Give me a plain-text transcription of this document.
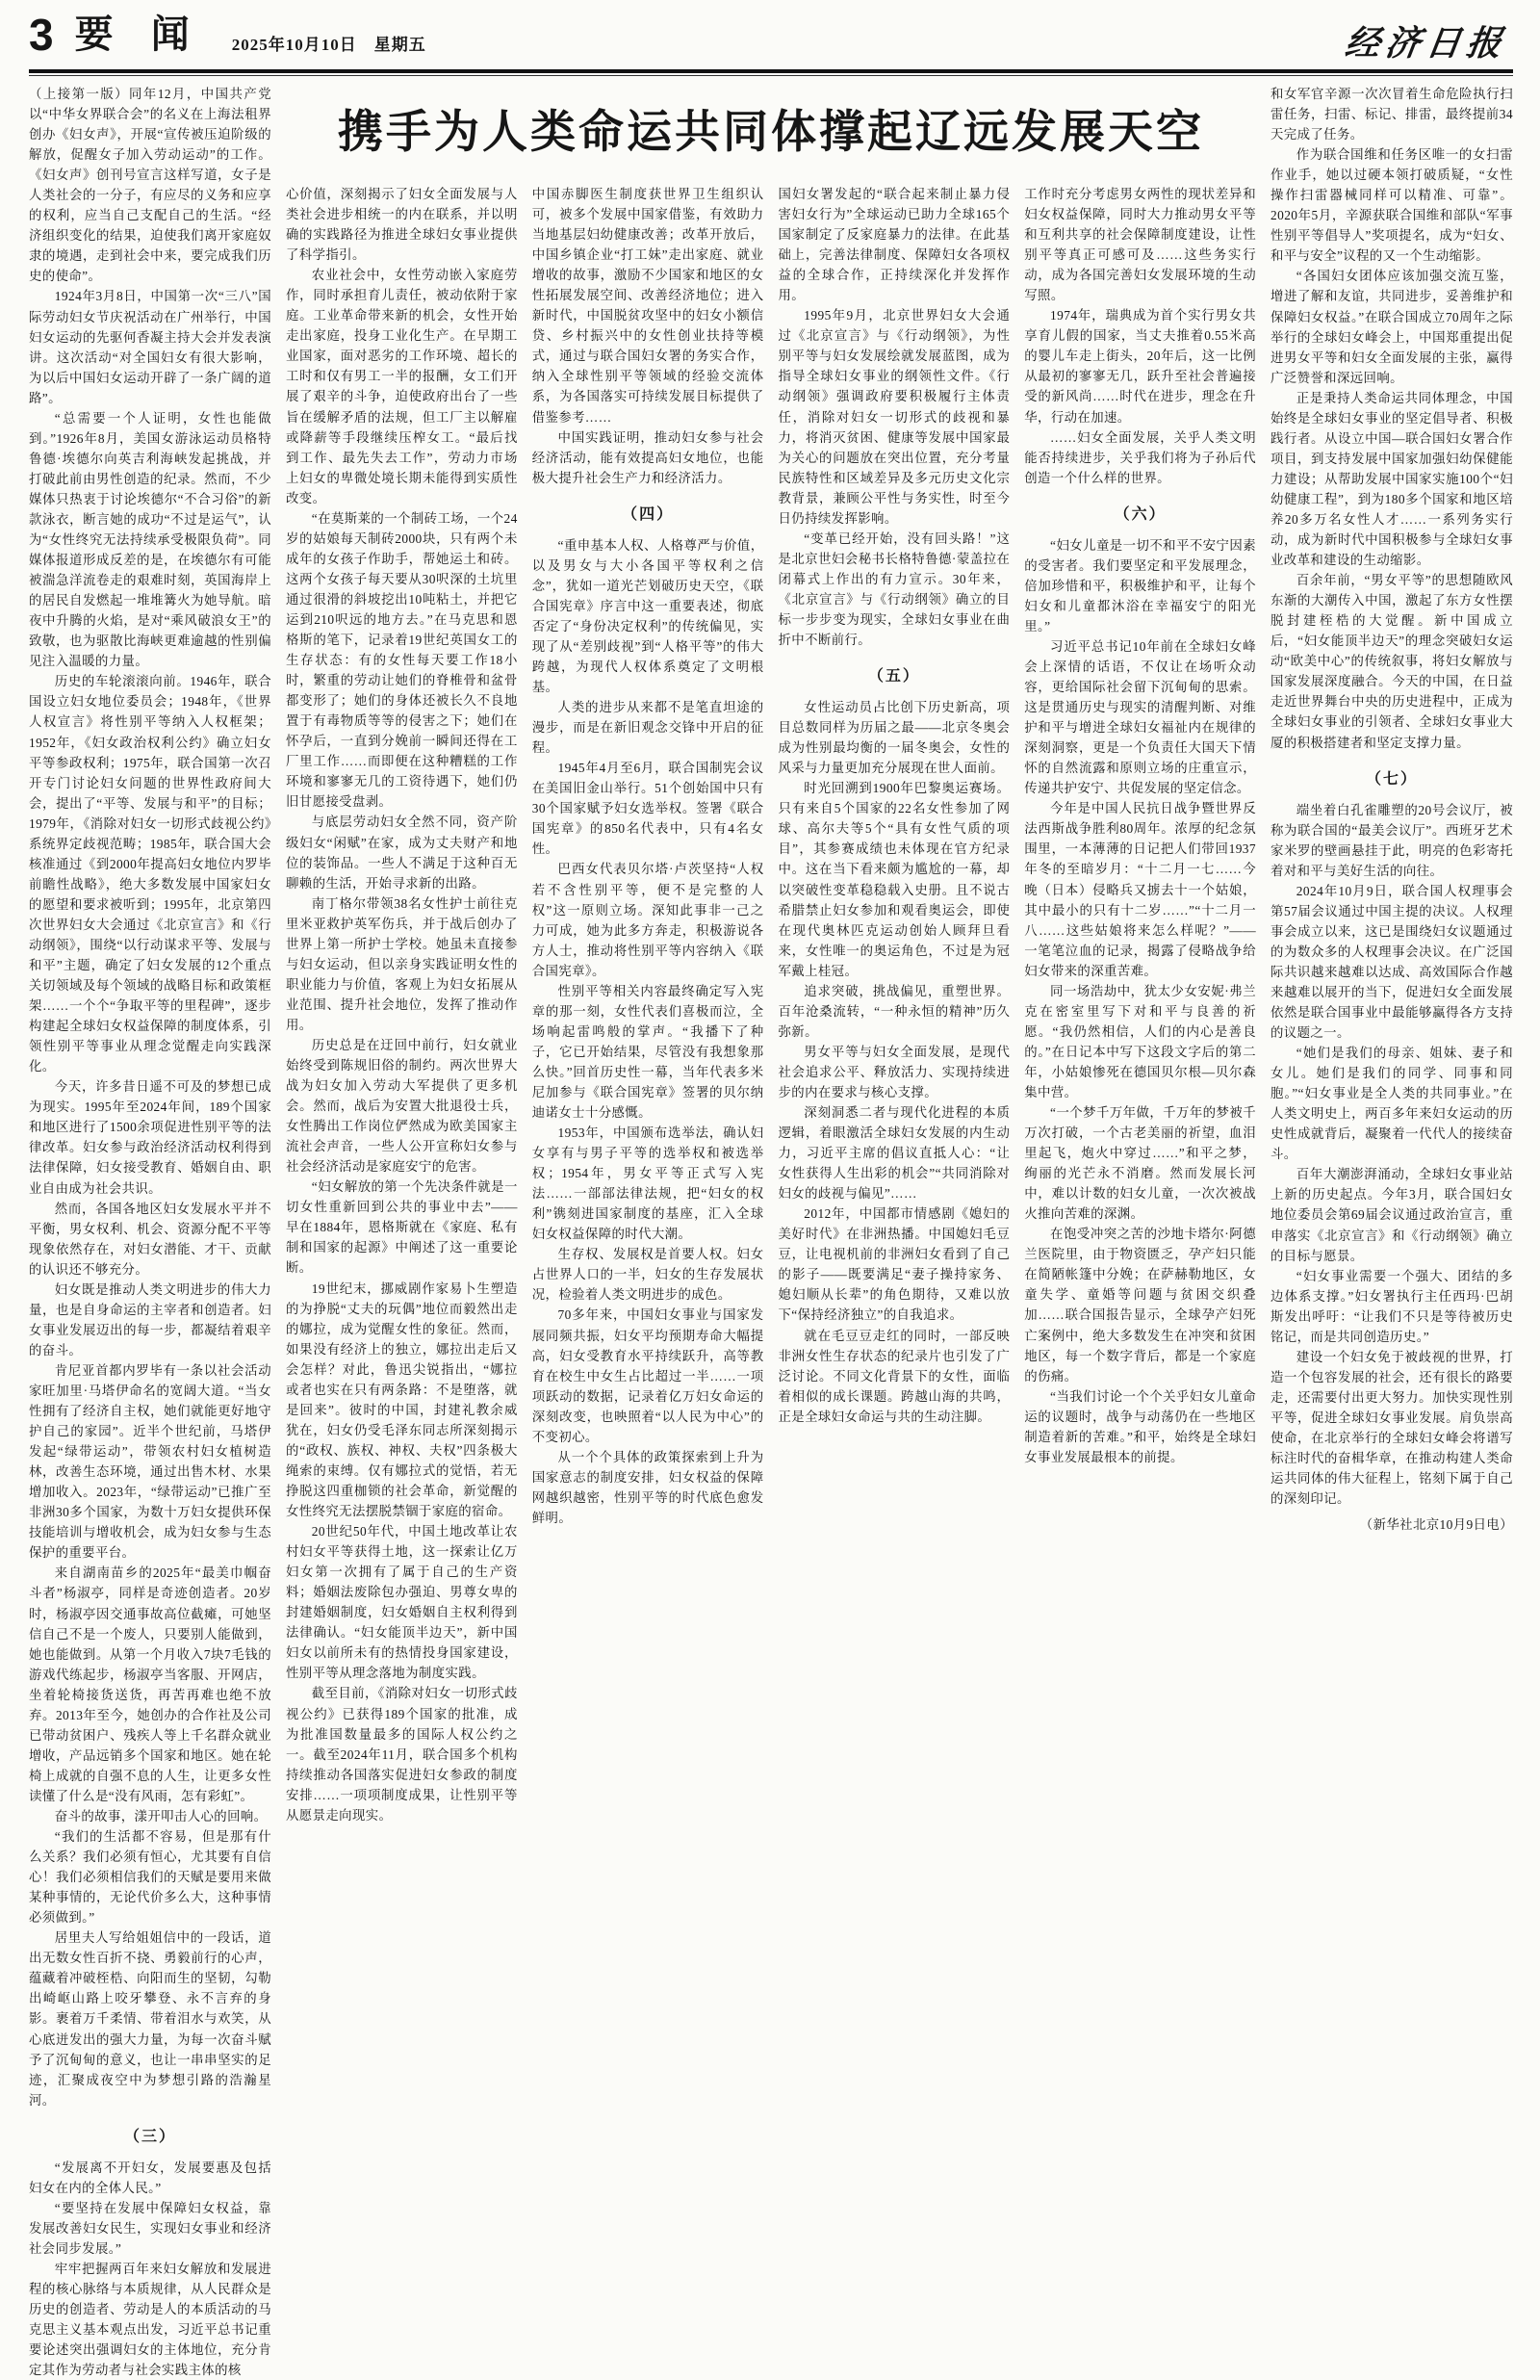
3 要 闻 2025年10月10日　星期五	经济日报

（上接第一版）同年12月，中国共产党以“中华女界联合会”的名义在上海法租界创办《妇女声》，开展“宣传被压迫阶级的解放，促醒女子加入劳动运动”的工作。《妇女声》创刊号宣言这样写道，女子是人类社会的一分子，有应尽的义务和应享的权利，应当自己支配自己的生活。“经济组织变化的结果，迫使我们离开家庭奴隶的境遇，走到社会中来，要完成我们历史的使命”。

1924年3月8日，中国第一次“三八”国际劳动妇女节庆祝活动在广州举行，中国妇女运动的先驱何香凝主持大会并发表演讲。这次活动“对全国妇女有很大影响，为以后中国妇女运动开辟了一条广阔的道路”。

“总需要一个人证明，女性也能做到。”1926年8月，美国女游泳运动员格特鲁德·埃德尔向英吉利海峡发起挑战，并打破此前由男性创造的纪录。然而，不少媒体只热衷于讨论埃德尔“不合习俗”的新款泳衣，断言她的成功“不过是运气”，认为“女性终究无法持续承受极限负荷”。同媒体报道形成反差的是，在埃德尔有可能被湍急洋流卷走的艰难时刻，英国海岸上的居民自发燃起一堆堆篝火为她导航。暗夜中升腾的火焰，是对“乘风破浪女王”的致敬，也为驱散比海峡更难逾越的性别偏见注入温暖的力量。

历史的车轮滚滚向前。1946年，联合国设立妇女地位委员会；1948年，《世界人权宣言》将性别平等纳入人权框架；1952年，《妇女政治权利公约》确立妇女平等参政权利；1975年，联合国第一次召开专门讨论妇女问题的世界性政府间大会，提出了“平等、发展与和平”的目标；1979年，《消除对妇女一切形式歧视公约》系统界定歧视范畴；1985年，联合国大会核准通过《到2000年提高妇女地位内罗毕前瞻性战略》，绝大多数发展中国家妇女的愿望和要求被听到；1995年，北京第四次世界妇女大会通过《北京宣言》和《行动纲领》，围绕“以行动谋求平等、发展与和平”主题，确定了妇女发展的12个重点关切领域及每个领域的战略目标和政策框架……一个个“争取平等的里程碑”，逐步构建起全球妇女权益保障的制度体系，引领性别平等事业从理念觉醒走向实践深化。

今天，许多昔日遥不可及的梦想已成为现实。1995年至2024年间，189个国家和地区进行了1500余项促进性别平等的法律改革。妇女参与政治经济活动权利得到法律保障，妇女接受教育、婚姻自由、职业自由成为社会共识。

然而，各国各地区妇女发展水平并不平衡，男女权利、机会、资源分配不平等现象依然存在，对妇女潜能、才干、贡献的认识还不够充分。

妇女既是推动人类文明进步的伟大力量，也是自身命运的主宰者和创造者。妇女事业发展迈出的每一步，都凝结着艰辛的奋斗。

肯尼亚首都内罗毕有一条以社会活动家旺加里·马塔伊命名的宽阔大道。“当女性拥有了经济自主权，她们就能更好地守护自己的家园”。近半个世纪前，马塔伊发起“绿带运动”，带领农村妇女植树造林，改善生态环境，通过出售木材、水果增加收入。2023年，“绿带运动”已推广至非洲30多个国家，为数十万妇女提供环保技能培训与增收机会，成为妇女参与生态保护的重要平台。

来自湖南苗乡的2025年“最美巾帼奋斗者”杨淑亭，同样是奇迹创造者。20岁时，杨淑亭因交通事故高位截瘫，可她坚信自己不是一个废人，只要别人能做到，她也能做到。从第一个月收入7块7毛钱的游戏代练起步，杨淑亭当客服、开网店，坐着轮椅接货送货，再苦再难也绝不放弃。2013年至今，她创办的合作社及公司已带动贫困户、残疾人等上千名群众就业增收，产品远销多个国家和地区。她在轮椅上成就的自强不息的人生，让更多女性读懂了什么是“没有风雨，怎有彩虹”。

奋斗的故事，漾开叩击人心的回响。

“我们的生活都不容易，但是那有什么关系？我们必须有恒心，尤其要有自信心！我们必须相信我们的天赋是要用来做某种事情的，无论代价多么大，这种事情必须做到。”

居里夫人写给姐姐信中的一段话，道出无数女性百折不挠、勇毅前行的心声，蕴藏着冲破桎梏、向阳而生的坚韧，勾勒出崎岖山路上咬牙攀登、永不言弃的身影。裹着万千柔情、带着泪水与欢笑，从心底迸发出的强大力量，为每一次奋斗赋予了沉甸甸的意义，也让一串串坚实的足迹，汇聚成夜空中为梦想引路的浩瀚星河。

（三）

“发展离不开妇女，发展要惠及包括妇女在内的全体人民。”

“要坚持在发展中保障妇女权益，靠发展改善妇女民生，实现妇女事业和经济社会同步发展。”

牢牢把握两百年来妇女解放和发展进程的核心脉络与本质规律，从人民群众是历史的创造者、劳动是人的本质活动的马克思主义基本观点出发，习近平总书记重要论述突出强调妇女的主体地位，充分肯定其作为劳动者与社会实践主体的核

携手为人类命运共同体撑起辽远发展天空

心价值，深刻揭示了妇女全面发展与人类社会进步相统一的内在联系，并以明确的实践路径为推进全球妇女事业提供了科学指引。

农业社会中，女性劳动嵌入家庭劳作，同时承担育儿责任，被动依附于家庭。工业革命带来新的机会，女性开始走出家庭，投身工业化生产。在早期工业国家，面对恶劣的工作环境、超长的工时和仅有男工一半的报酬，女工们开展了艰辛的斗争，迫使政府出台了一些旨在缓解矛盾的法规，但工厂主以解雇或降薪等手段继续压榨女工。“最后找到工作、最先失去工作”，劳动力市场上妇女的卑微处境长期未能得到实质性改变。

“在莫斯莱的一个制砖工场，一个24岁的姑娘每天制砖2000块，只有两个未成年的女孩子作助手，帮她运土和砖。这两个女孩子每天要从30呎深的土坑里通过很滑的斜坡挖出10吨粘土，并把它运到210呎远的地方去。”在马克思和恩格斯的笔下，记录着19世纪英国女工的生存状态：有的女性每天要工作18小时，繁重的劳动让她们的脊椎骨和盆骨都变形了；她们的身体还被长久不良地置于有毒物质等等的侵害之下；她们在怀孕后，一直到分娩前一瞬间还得在工厂里工作……而即便在这种糟糕的工作环境和寥寥无几的工资待遇下，她们仍旧甘愿接受盘剥。

与底层劳动妇女全然不同，资产阶级妇女“闲赋”在家，成为丈夫财产和地位的装饰品。一些人不满足于这种百无聊赖的生活，开始寻求新的出路。

南丁格尔带领38名女性护士前往克里米亚救护英军伤兵，并于战后创办了世界上第一所护士学校。她虽未直接参与妇女运动，但以亲身实践证明女性的职业能力与价值，客观上为妇女拓展从业范围、提升社会地位，发挥了推动作用。

历史总是在迂回中前行，妇女就业始终受到陈规旧俗的制约。两次世界大战为妇女加入劳动大军提供了更多机会。然而，战后为安置大批退役士兵，女性腾出工作岗位俨然成为欧美国家主流社会声音，一些人公开宣称妇女参与社会经济活动是家庭安宁的危害。

“妇女解放的第一个先决条件就是一切女性重新回到公共的事业中去”——早在1884年，恩格斯就在《家庭、私有制和国家的起源》中阐述了这一重要论断。

19世纪末，挪威剧作家易卜生塑造的为挣脱“丈夫的玩偶”地位而毅然出走的娜拉，成为觉醒女性的象征。然而，如果没有经济上的独立，娜拉出走后又会怎样？对此，鲁迅尖锐指出，“娜拉或者也实在只有两条路：不是堕落，就是回来”。彼时的中国，封建礼教余威犹在，妇女仍受毛泽东同志所深刻揭示的“政权、族权、神权、夫权”四条极大绳索的束缚。仅有娜拉式的觉悟，若无挣脱这四重枷锁的社会革命，新觉醒的女性终究无法摆脱禁锢于家庭的宿命。

20世纪50年代，中国土地改革让农村妇女平等获得土地，这一探索让亿万妇女第一次拥有了属于自己的生产资料；婚姻法废除包办强迫、男尊女卑的封建婚姻制度，妇女婚姻自主权利得到法律确认。“妇女能顶半边天”，新中国妇女以前所未有的热情投身国家建设，性别平等从理念落地为制度实践。

截至目前，《消除对妇女一切形式歧视公约》已获得189个国家的批准，成为批准国数量最多的国际人权公约之一。截至2024年11月，联合国多个机构持续推动各国落实促进妇女参政的制度安排……一项项制度成果，让性别平等从愿景走向现实。

中国赤脚医生制度获世界卫生组织认可，被多个发展中国家借鉴，有效助力当地基层妇幼健康改善；改革开放后，中国乡镇企业“打工妹”走出家庭、就业增收的故事，激励不少国家和地区的女性拓展发展空间、改善经济地位；进入新时代，中国脱贫攻坚中的妇女小额信贷、乡村振兴中的女性创业扶持等模式，通过与联合国妇女署的务实合作，纳入全球性别平等领域的经验交流体系，为各国落实可持续发展目标提供了借鉴参考……

中国实践证明，推动妇女参与社会经济活动，能有效提高妇女地位，也能极大提升社会生产力和经济活力。

（四）

“重申基本人权、人格尊严与价值，以及男女与大小各国平等权利之信念”，犹如一道光芒划破历史天空，《联合国宪章》序言中这一重要表述，彻底否定了“身份决定权利”的传统偏见，实现了从“差别歧视”到“人格平等”的伟大跨越，为现代人权体系奠定了文明根基。

人类的进步从来都不是笔直坦途的漫步，而是在新旧观念交锋中开启的征程。

1945年4月至6月，联合国制宪会议在美国旧金山举行。51个创始国中只有30个国家赋予妇女选举权。签署《联合国宪章》的850名代表中，只有4名女性。

巴西女代表贝尔塔·卢茨坚持“人权若不含性别平等，便不是完整的人权”这一原则立场。深知此事非一己之力可成，她为此多方奔走，积极游说各方人士，推动将性别平等内容纳入《联合国宪章》。

性别平等相关内容最终确定写入宪章的那一刻，女性代表们喜极而泣，全场响起雷鸣般的掌声。“我播下了种子，它已开始结果，尽管没有我想象那么快。”回首历史性一幕，当年代表多米尼加参与《联合国宪章》签署的贝尔纳迪诺女士十分感慨。

1953年，中国颁布选举法，确认妇女享有与男子平等的选举权和被选举权；1954年，男女平等正式写入宪法……一部部法律法规，把“妇女的权利”镌刻进国家制度的基座，汇入全球妇女权益保障的时代大潮。

生存权、发展权是首要人权。妇女占世界人口的一半，妇女的生存发展状况，检验着人类文明进步的成色。

70多年来，中国妇女事业与国家发展同频共振，妇女平均预期寿命大幅提高，妇女受教育水平持续跃升，高等教育在校生中女生占比超过一半……一项项跃动的数据，记录着亿万妇女命运的深刻改变，也映照着“以人民为中心”的不变初心。

从一个个具体的政策探索到上升为国家意志的制度安排，妇女权益的保障网越织越密，性别平等的时代底色愈发鲜明。

国妇女署发起的“联合起来制止暴力侵害妇女行为”全球运动已助力全球165个国家制定了反家庭暴力的法律。在此基础上，完善法律制度、保障妇女各项权益的全球合作，正持续深化并发挥作用。

1995年9月，北京世界妇女大会通过《北京宣言》与《行动纲领》，为性别平等与妇女发展绘就发展蓝图，成为指导全球妇女事业的纲领性文件。《行动纲领》强调政府要积极履行主体责任，消除对妇女一切形式的歧视和暴力，将消灭贫困、健康等发展中国家最为关心的问题放在突出位置，充分考量民族特性和区域差异及多元历史文化宗教背景，兼顾公平性与务实性，时至今日仍持续发挥影响。

“变革已经开始，没有回头路！”这是北京世妇会秘书长格特鲁德·蒙盖拉在闭幕式上作出的有力宣示。30年来，《北京宣言》与《行动纲领》确立的目标一步步变为现实，全球妇女事业在曲折中不断前行。

（五）

女性运动员占比创下历史新高，项目总数同样为历届之最——北京冬奥会成为性别最均衡的一届冬奥会，女性的风采与力量更加充分展现在世人面前。

时光回溯到1900年巴黎奥运赛场。只有来自5个国家的22名女性参加了网球、高尔夫等5个“具有女性气质的项目”，其参赛成绩也未体现在官方纪录中。这在当下看来颇为尴尬的一幕，却以突破性变革稳稳载入史册。且不说古希腊禁止妇女参加和观看奥运会，即使在现代奥林匹克运动创始人顾拜旦看来，女性唯一的奥运角色，不过是为冠军戴上桂冠。

追求突破，挑战偏见，重塑世界。百年沧桑流转，“一种永恒的精神”历久弥新。

男女平等与妇女全面发展，是现代社会追求公平、释放活力、实现持续进步的内在要求与核心支撑。

深刻洞悉二者与现代化进程的本质逻辑，着眼激活全球妇女发展的内生动力，习近平主席的倡议直抵人心：“让女性获得人生出彩的机会”“共同消除对妇女的歧视与偏见”……

2012年，中国都市情感剧《媳妇的美好时代》在非洲热播。中国媳妇毛豆豆，让电视机前的非洲妇女看到了自己的影子——既要满足“妻子操持家务、媳妇顺从长辈”的角色期待，又难以放下“保持经济独立”的自我追求。

就在毛豆豆走红的同时，一部反映非洲女性生存状态的纪录片也引发了广泛讨论。不同文化背景下的女性，面临着相似的成长课题。跨越山海的共鸣，正是全球妇女命运与共的生动注脚。

工作时充分考虑男女两性的现状差异和妇女权益保障，同时大力推动男女平等和互利共享的社会保障制度建设，让性别平等真正可感可及……这些务实行动，成为各国完善妇女发展环境的生动写照。

1974年，瑞典成为首个实行男女共享育儿假的国家，当丈夫推着0.55米高的婴儿车走上街头，20年后，这一比例从最初的寥寥无几，跃升至社会普遍接受的新风尚……时代在进步，理念在升华，行动在加速。

……妇女全面发展，关乎人类文明能否持续进步，关乎我们将为子孙后代创造一个什么样的世界。

（六）

“妇女儿童是一切不和平不安宁因素的受害者。我们要坚定和平发展理念，倍加珍惜和平，积极维护和平，让每个妇女和儿童都沐浴在幸福安宁的阳光里。”

习近平总书记10年前在全球妇女峰会上深情的话语，不仅让在场听众动容，更给国际社会留下沉甸甸的思索。这是贯通历史与现实的清醒判断、对维护和平与增进全球妇女福祉内在规律的深刻洞察，更是一个负责任大国天下情怀的自然流露和原则立场的庄重宣示，传递共护安宁、共促发展的坚定信念。

今年是中国人民抗日战争暨世界反法西斯战争胜利80周年。浓厚的纪念氛围里，一本薄薄的日记把人们带回1937年冬的至暗岁月：“十二月一七……今晚（日本）侵略兵又掳去十一个姑娘，其中最小的只有十二岁……”“十二月一八……这些姑娘将来怎么样呢？”——一笔笔泣血的记录，揭露了侵略战争给妇女带来的深重苦难。

同一场浩劫中，犹太少女安妮·弗兰克在密室里写下对和平与良善的祈愿。“我仍然相信，人们的内心是善良的。”在日记本中写下这段文字后的第二年，小姑娘惨死在德国贝尔根—贝尔森集中营。

“一个梦千万年做，千万年的梦被千万次打破，一个古老美丽的祈望，血泪里起飞，炮火中穿过……”和平之梦，绚丽的光芒永不消磨。然而发展长河中，难以计数的妇女儿童，一次次被战火推向苦难的深渊。

在饱受冲突之苦的沙地卡塔尔·阿德兰医院里，由于物资匮乏，孕产妇只能在简陋帐篷中分娩；在萨赫勒地区，女童失学、童婚等问题与贫困交织叠加……联合国报告显示，全球孕产妇死亡案例中，绝大多数发生在冲突和贫困地区，每一个数字背后，都是一个家庭的伤痛。

“当我们讨论一个个关乎妇女儿童命运的议题时，战争与动荡仍在一些地区制造着新的苦难。”和平，始终是全球妇女事业发展最根本的前提。

和女军官辛源一次次冒着生命危险执行扫雷任务，扫雷、标记、排雷，最终提前34天完成了任务。

作为联合国维和任务区唯一的女扫雷作业手，她以过硬本领打破质疑，“女性操作扫雷器械同样可以精准、可靠”。2020年5月，辛源获联合国维和部队“军事性别平等倡导人”奖项提名，成为“妇女、和平与安全”议程的又一个生动缩影。

“各国妇女团体应该加强交流互鉴，增进了解和友谊，共同进步，妥善维护和保障妇女权益。”在联合国成立70周年之际举行的全球妇女峰会上，中国郑重提出促进男女平等和妇女全面发展的主张，赢得广泛赞誉和深远回响。

正是秉持人类命运共同体理念，中国始终是全球妇女事业的坚定倡导者、积极践行者。从设立中国—联合国妇女署合作项目，到支持发展中国家加强妇幼保健能力建设；从帮助发展中国家实施100个“妇幼健康工程”，到为180多个国家和地区培养20多万名女性人才……一系列务实行动，成为新时代中国积极参与全球妇女事业改革和建设的生动缩影。

百余年前，“男女平等”的思想随欧风东渐的大潮传入中国，激起了东方女性摆脱封建桎梏的大觉醒。新中国成立后，“妇女能顶半边天”的理念突破妇女运动“欧美中心”的传统叙事，将妇女解放与国家发展深度融合。今天的中国，在日益走近世界舞台中央的历史进程中，正成为全球妇女事业的引领者、全球妇女事业大厦的积极搭建者和坚定支撑力量。

（七）

端坐着白孔雀雕塑的20号会议厅，被称为联合国的“最美会议厅”。西班牙艺术家米罗的壁画悬挂于此，明亮的色彩寄托着对和平与美好生活的向往。

2024年10月9日，联合国人权理事会第57届会议通过中国主提的决议。人权理事会成立以来，这已是围绕妇女议题通过的为数众多的人权理事会决议。在广泛国际共识越来越难以达成、高效国际合作越来越难以展开的当下，促进妇女全面发展依然是联合国事业中最能够赢得各方支持的议题之一。

“她们是我们的母亲、姐妹、妻子和女儿。她们是我们的同学、同事和同胞。”“妇女事业是全人类的共同事业。”在人类文明史上，两百多年来妇女运动的历史性成就背后，凝聚着一代代人的接续奋斗。

百年大潮澎湃涌动，全球妇女事业站上新的历史起点。今年3月，联合国妇女地位委员会第69届会议通过政治宣言，重申落实《北京宣言》和《行动纲领》确立的目标与愿景。

“妇女事业需要一个强大、团结的多边体系支撑。”妇女署执行主任西玛·巴胡斯发出呼吁：“让我们不只是等待被历史铭记，而是共同创造历史。”

建设一个妇女免于被歧视的世界，打造一个包容发展的社会，还有很长的路要走，还需要付出更大努力。加快实现性别平等，促进全球妇女事业发展。肩负崇高使命，在北京举行的全球妇女峰会将谱写标注时代的奋楫华章，在推动构建人类命运共同体的伟大征程上，铭刻下属于自己的深刻印记。

（新华社北京10月9日电）
